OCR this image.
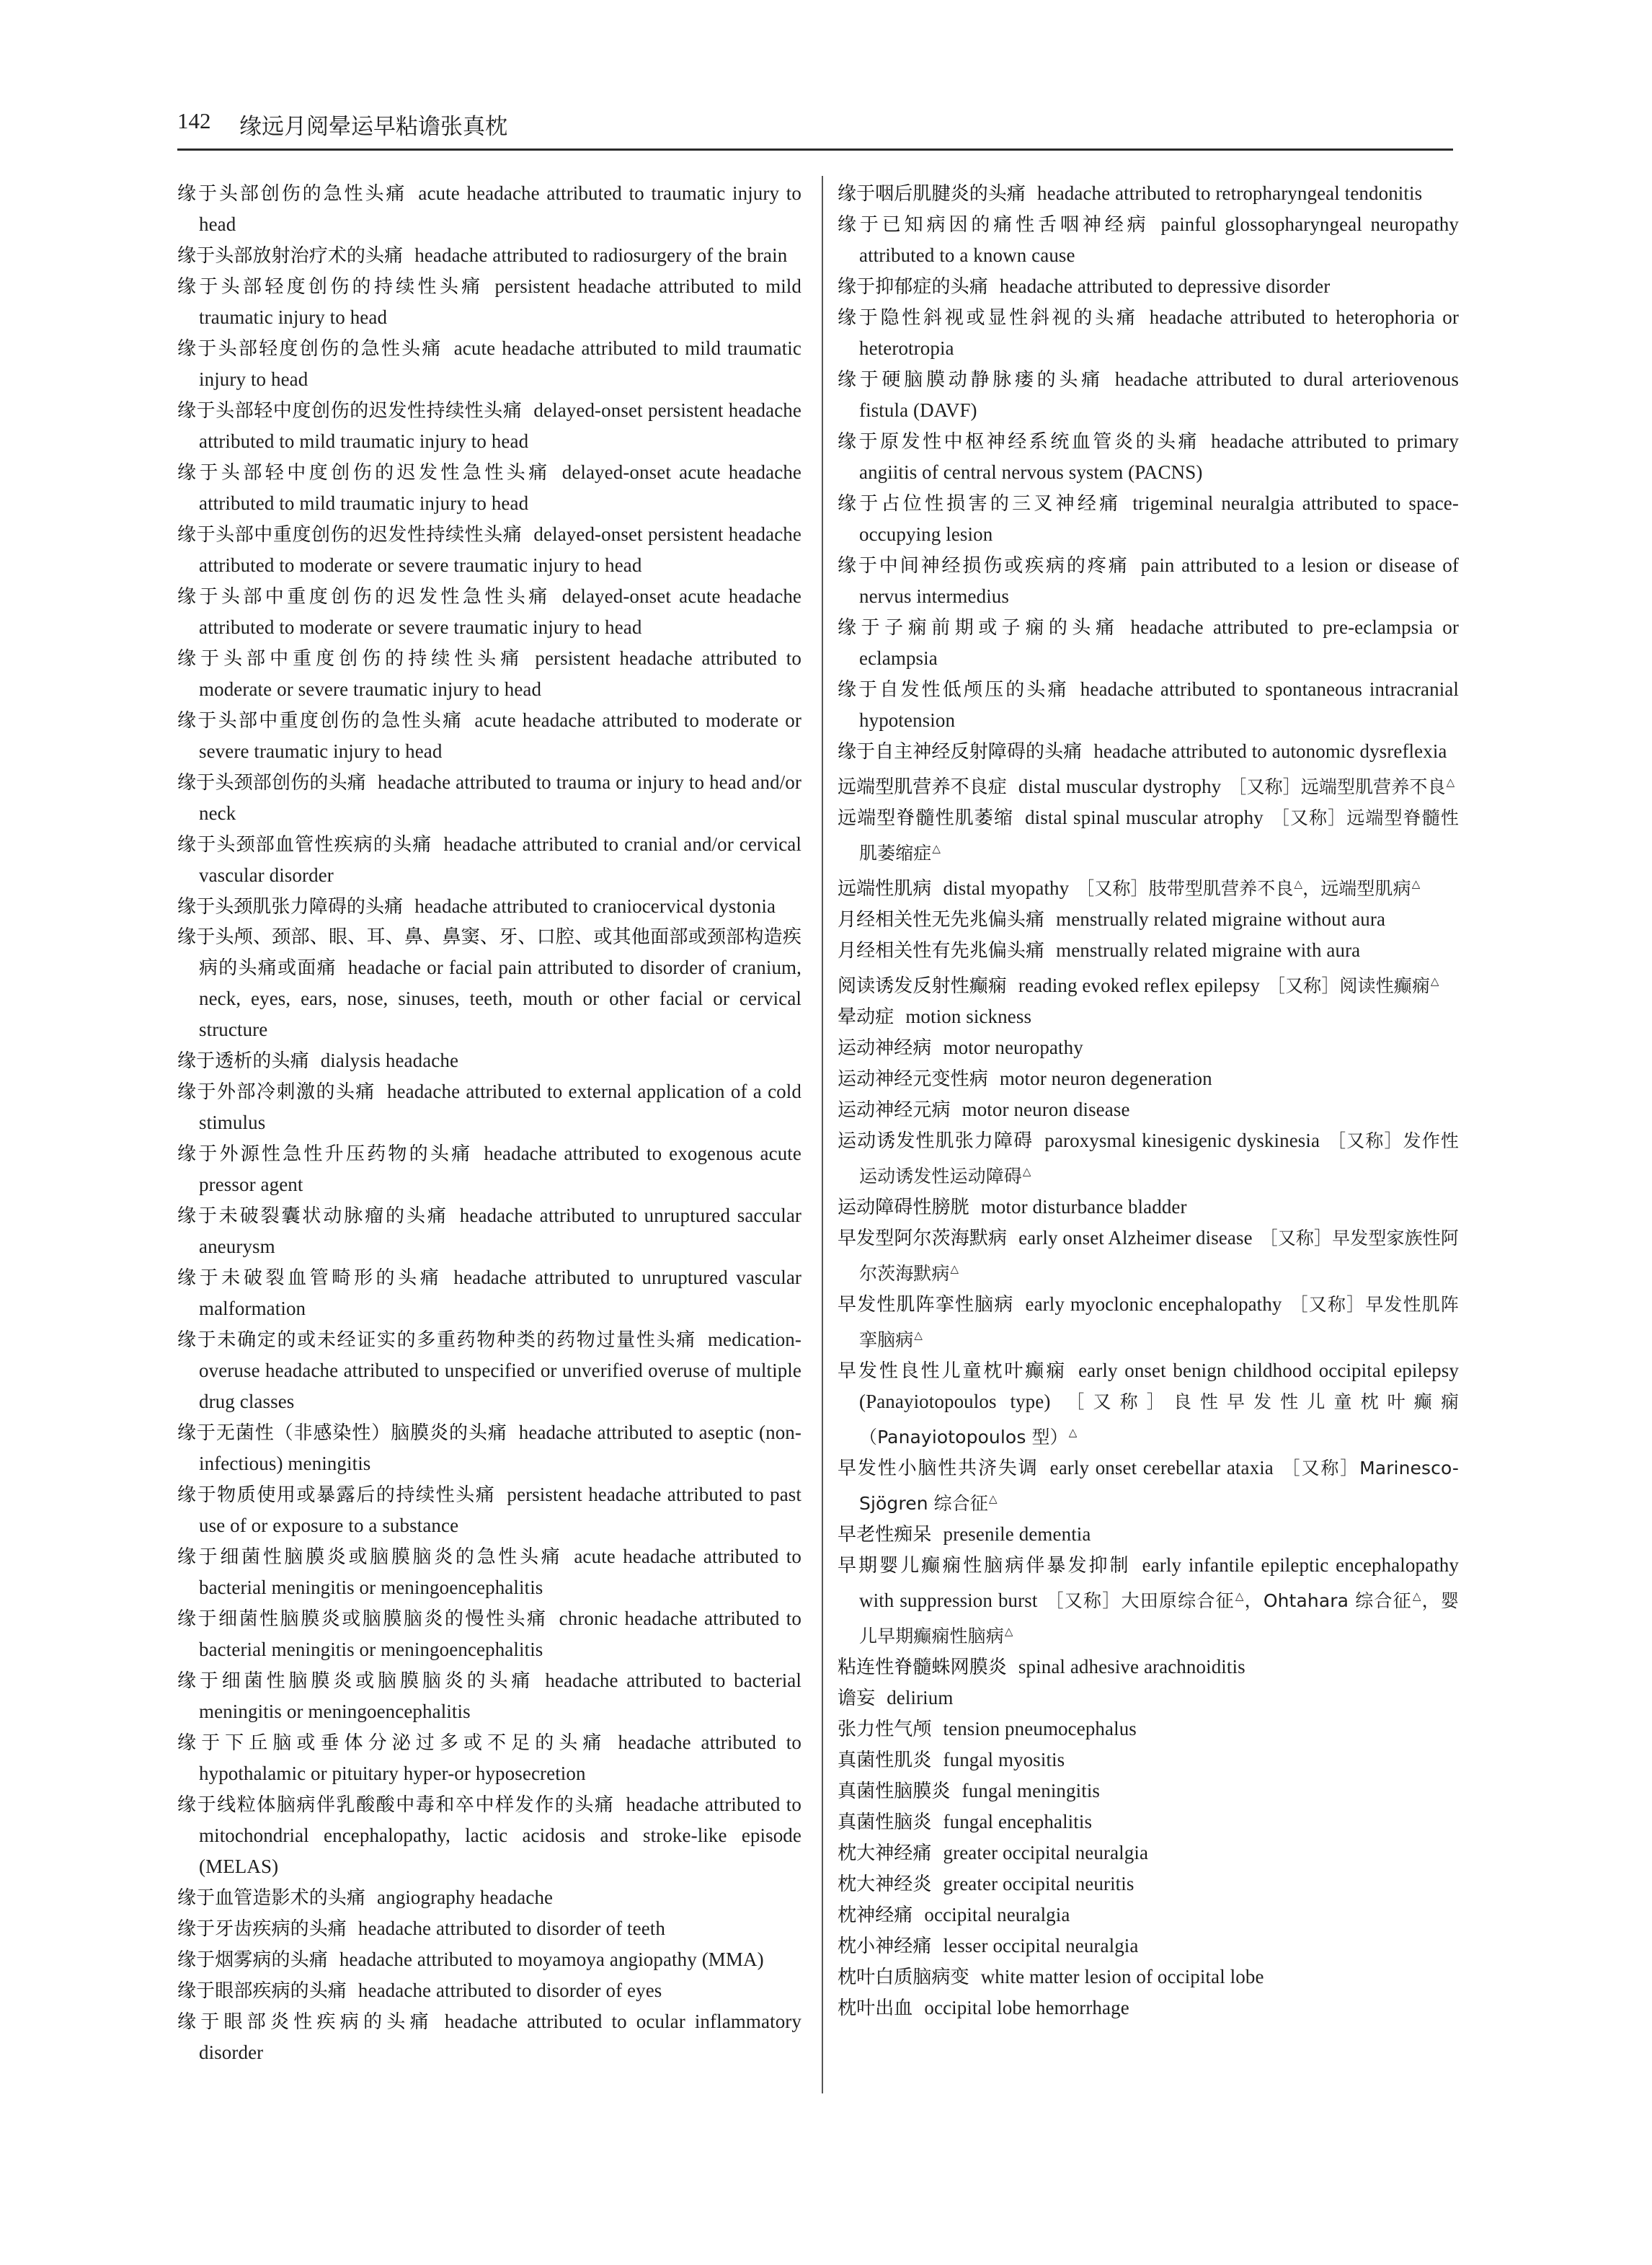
142 缘远月阅晕运早粘谵张真枕
缘于头部创伤的急性头痛 acute headache attributed to traumatic injury to head
缘于头部放射治疗术的头痛 headache attributed to radiosurgery of the brain
缘于头部轻度创伤的持续性头痛 persistent headache attributed to mild traumatic injury to head
缘于头部轻度创伤的急性头痛 acute headache attributed to mild traumatic injury to head
缘于头部轻中度创伤的迟发性持续性头痛 delayed-onset persistent headache attributed to mild traumatic injury to head
缘于头部轻中度创伤的迟发性急性头痛 delayed-onset acute headache attributed to mild traumatic injury to head
缘于头部中重度创伤的迟发性持续性头痛 delayed-onset persistent headache attributed to moderate or severe traumatic injury to head
缘于头部中重度创伤的迟发性急性头痛 delayed-onset acute headache attributed to moderate or severe traumatic injury to head
缘于头部中重度创伤的持续性头痛 persistent headache attributed to moderate or severe traumatic injury to head
缘于头部中重度创伤的急性头痛 acute headache attributed to moderate or severe traumatic injury to head
缘于头颈部创伤的头痛 headache attributed to trauma or injury to head and/or neck
缘于头颈部血管性疾病的头痛 headache attributed to cranial and/or cervical vascular disorder
缘于头颈肌张力障碍的头痛 headache attributed to craniocervical dystonia
缘于头颅、颈部、眼、耳、鼻、鼻窦、牙、口腔、或其他面部或颈部构造疾病的头痛或面痛 headache or facial pain attributed to disorder of cranium, neck, eyes, ears, nose, sinuses, teeth, mouth or other facial or cervical structure
缘于透析的头痛 dialysis headache
缘于外部冷刺激的头痛 headache attributed to external application of a cold stimulus
缘于外源性急性升压药物的头痛 headache attributed to exogenous acute pressor agent
缘于未破裂囊状动脉瘤的头痛 headache attributed to unruptured saccular aneurysm
缘于未破裂血管畸形的头痛 headache attributed to unruptured vascular malformation
缘于未确定的或未经证实的多重药物种类的药物过量性头痛 medication-overuse headache attributed to unspecified or unverified overuse of multiple drug classes
缘于无菌性（非感染性）脑膜炎的头痛 headache attributed to aseptic (non-infectious) meningitis
缘于物质使用或暴露后的持续性头痛 persistent headache attributed to past use of or exposure to a substance
缘于细菌性脑膜炎或脑膜脑炎的急性头痛 acute headache attributed to bacterial meningitis or meningoencephalitis
缘于细菌性脑膜炎或脑膜脑炎的慢性头痛 chronic headache attributed to bacterial meningitis or meningoencephalitis
缘于细菌性脑膜炎或脑膜脑炎的头痛 headache attributed to bacterial meningitis or meningoencephalitis
缘于下丘脑或垂体分泌过多或不足的头痛 headache attributed to hypothalamic or pituitary hyper-or hyposecretion
缘于线粒体脑病伴乳酸酸中毒和卒中样发作的头痛 headache attributed to mitochondrial encephalopathy, lactic acidosis and stroke-like episode (MELAS)
缘于血管造影术的头痛 angiography headache
缘于牙齿疾病的头痛 headache attributed to disorder of teeth
缘于烟雾病的头痛 headache attributed to moyamoya angiopathy (MMA)
缘于眼部疾病的头痛 headache attributed to disorder of eyes
缘于眼部炎性疾病的头痛 headache attributed to ocular inflammatory disorder
缘于咽后肌腱炎的头痛 headache attributed to retropharyngeal tendonitis
缘于已知病因的痛性舌咽神经病 painful glossopharyngeal neuropathy attributed to a known cause
缘于抑郁症的头痛 headache attributed to depressive disorder
缘于隐性斜视或显性斜视的头痛 headache attributed to heterophoria or heterotropia
缘于硬脑膜动静脉瘘的头痛 headache attributed to dural arteriovenous fistula (DAVF)
缘于原发性中枢神经系统血管炎的头痛 headache attributed to primary angiitis of central nervous system (PACNS)
缘于占位性损害的三叉神经痛 trigeminal neuralgia attributed to space-occupying lesion
缘于中间神经损伤或疾病的疼痛 pain attributed to a lesion or disease of nervus intermedius
缘于子痫前期或子痫的头痛 headache attributed to pre-eclampsia or eclampsia
缘于自发性低颅压的头痛 headache attributed to spontaneous intracranial hypotension
缘于自主神经反射障碍的头痛 headache attributed to autonomic dysreflexia
远端型肌营养不良症 distal muscular dystrophy ［又称］远端型肌营养不良△
远端型脊髓性肌萎缩 distal spinal muscular atrophy ［又称］远端型脊髓性肌萎缩症△
远端性肌病 distal myopathy ［又称］肢带型肌营养不良△，远端型肌病△
月经相关性无先兆偏头痛 menstrually related migraine without aura
月经相关性有先兆偏头痛 menstrually related migraine with aura
阅读诱发反射性癫痫 reading evoked reflex epilepsy ［又称］阅读性癫痫△
晕动症 motion sickness
运动神经病 motor neuropathy
运动神经元变性病 motor neuron degeneration
运动神经元病 motor neuron disease
运动诱发性肌张力障碍 paroxysmal kinesigenic dyskinesia ［又称］发作性运动诱发性运动障碍△
运动障碍性膀胱 motor disturbance bladder
早发型阿尔茨海默病 early onset Alzheimer disease ［又称］早发型家族性阿尔茨海默病△
早发性肌阵挛性脑病 early myoclonic encephalopathy ［又称］早发性肌阵挛脑病△
早发性良性儿童枕叶癫痫 early onset benign childhood occipital epilepsy (Panayiotopoulos type) ［又称］良性早发性儿童枕叶癫痫（Panayiotopoulos 型）△
早发性小脑性共济失调 early onset cerebellar ataxia ［又称］Marinesco-Sjögren 综合征△
早老性痴呆 presenile dementia
早期婴儿癫痫性脑病伴暴发抑制 early infantile epileptic encephalopathy with suppression burst ［又称］大田原综合征△，Ohtahara 综合征△，婴儿早期癫痫性脑病△
粘连性脊髓蛛网膜炎 spinal adhesive arachnoiditis
谵妄 delirium
张力性气颅 tension pneumocephalus
真菌性肌炎 fungal myositis
真菌性脑膜炎 fungal meningitis
真菌性脑炎 fungal encephalitis
枕大神经痛 greater occipital neuralgia
枕大神经炎 greater occipital neuritis
枕神经痛 occipital neuralgia
枕小神经痛 lesser occipital neuralgia
枕叶白质脑病变 white matter lesion of occipital lobe
枕叶出血 occipital lobe hemorrhage
